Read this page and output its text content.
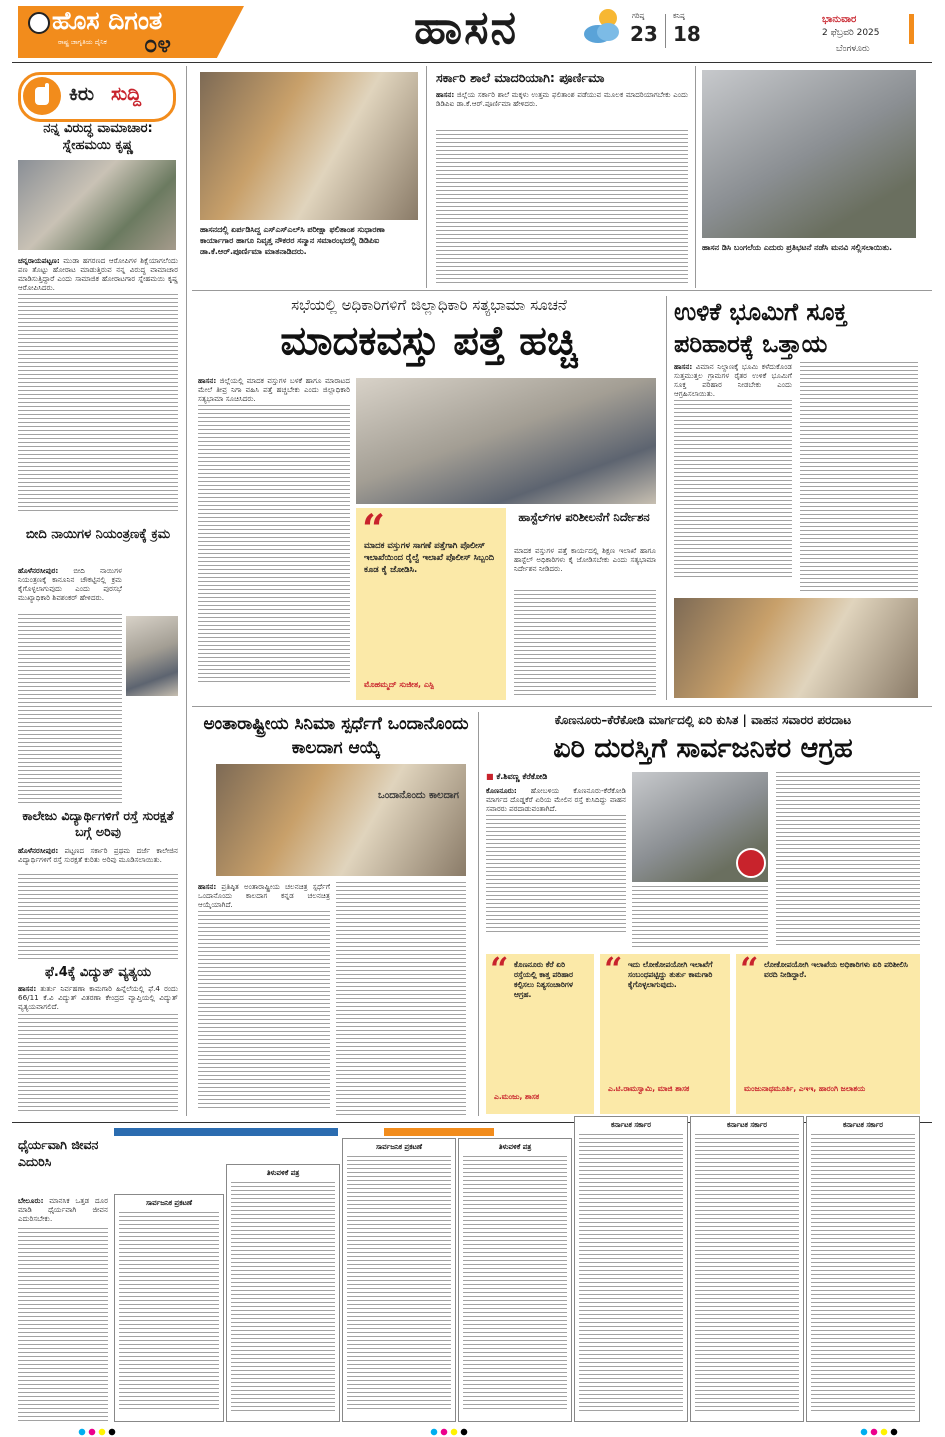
ಹೊಸ ದಿಗಂತ
ರಾಷ್ಟ್ರ ಜಾಗೃತಿಯ ದೈನಿಕ ೦೪	ಹಾಸನ	ಗರಿಷ್ಠ
23
ಕನಿಷ್ಠ
18
ಭಾನುವಾರ
2 ಫೆಬ್ರವರಿ 2025
ಬೆಂಗಳೂರು
ಕಿರು ಸುದ್ದಿ
ನನ್ನ ವಿರುದ್ಧ ವಾಮಾಚಾರ: ಸ್ನೇಹಮಯಿ ಕೃಷ್ಣ
ಚನ್ನರಾಯಪಟ್ಟಣ: ಮುಡಾ ಹಗರಣದ ಆರೋಪಿಗಳ ಶಿಕ್ಷೆಯಾಗಲೆಂದು ಪಣ ತೊಟ್ಟು ಹೋರಾಟ ಮಾಡುತ್ತಿರುವ ನನ್ನ ವಿರುದ್ಧ ವಾಮಾಚಾರ ಮಾಡಿಸುತ್ತಿದ್ದಾರೆ ಎಂದು ಸಾಮಾಜಿಕ ಹೋರಾಟಗಾರ ಸ್ನೇಹಮಯಿ ಕೃಷ್ಣ ಆರೋಪಿಸಿದರು.
ಬೀದಿ ನಾಯಿಗಳ ನಿಯಂತ್ರಣಕ್ಕೆ ಕ್ರಮ
ಹೊಳೆನರಸೀಪುರ: ಬೀದಿ ನಾಯಿಗಳ ನಿಯಂತ್ರಣಕ್ಕೆ ಕಾನೂನಿನ ಚೌಕಟ್ಟಿನಲ್ಲಿ ಕ್ರಮ ಕೈಗೊಳ್ಳಲಾಗುವುದು ಎಂದು ಪುರಸಭೆ ಮುಖ್ಯಾಧಿಕಾರಿ ಶಿವಶಂಕರ್ ಹೇಳಿದರು.
ಕಾಲೇಜು ವಿದ್ಯಾರ್ಥಿಗಳಿಗೆ ರಸ್ತೆ ಸುರಕ್ಷತೆ ಬಗ್ಗೆ ಅರಿವು
ಹೊಳೆನರಸೀಪುರ: ಪಟ್ಟಣದ ಸರ್ಕಾರಿ ಪ್ರಥಮ ದರ್ಜೆ ಕಾಲೇಜಿನ ವಿದ್ಯಾರ್ಥಿಗಳಿಗೆ ರಸ್ತೆ ಸುರಕ್ಷತೆ ಕುರಿತು ಅರಿವು ಮೂಡಿಸಲಾಯಿತು.
ಫೆ.4ಕ್ಕೆ ವಿದ್ಯುತ್ ವ್ಯತ್ಯಯ
ಹಾಸನ: ತುರ್ತು ನಿರ್ವಹಣಾ ಕಾಮಗಾರಿ ಹಿನ್ನೆಲೆಯಲ್ಲಿ ಫೆ.4 ರಂದು 66/11 ಕೆ.ವಿ ವಿದ್ಯುತ್ ವಿತರಣಾ ಕೇಂದ್ರದ ವ್ಯಾಪ್ತಿಯಲ್ಲಿ ವಿದ್ಯುತ್ ವ್ಯತ್ಯಯವಾಗಲಿದೆ.
ಹಾಸನದಲ್ಲಿ ಏರ್ಪಡಿಸಿದ್ದ ಎಸ್‌ಎಸ್‌ಎಲ್‌ಸಿ ಪರೀಕ್ಷಾ ಫಲಿತಾಂಶ ಸುಧಾರಣಾ ಕಾರ್ಯಾಗಾರ ಹಾಗೂ ನಿವೃತ್ತ ನೌಕರರ ಸನ್ಮಾನ ಸಮಾರಂಭದಲ್ಲಿ ಡಿಡಿಪಿಐ ಡಾ.ಕೆ.ಆರ್.ಪೂರ್ಣಿಮಾ ಮಾತನಾಡಿದರು.
ಸರ್ಕಾರಿ ಶಾಲೆ ಮಾದರಿಯಾಗಿ: ಪೂರ್ಣಿಮಾ
ಹಾಸನ: ಜಿಲ್ಲೆಯ ಸರ್ಕಾರಿ ಶಾಲೆ ಮಕ್ಕಳು ಉತ್ತಮ ಫಲಿತಾಂಶ ಪಡೆಯುವ ಮೂಲಕ ಮಾದರಿಯಾಗಬೇಕು ಎಂದು ಡಿಡಿಪಿಐ ಡಾ.ಕೆ.ಆರ್.ಪೂರ್ಣಿಮಾ ಹೇಳಿದರು.
ಹಾಸನ ಡಿಸಿ ಬಂಗಲೆಯ ಎದುರು ಪ್ರತಿಭಟನೆ ನಡೆಸಿ ಮನವಿ ಸಲ್ಲಿಸಲಾಯಿತು.
ಸಭೆಯಲ್ಲಿ ಅಧಿಕಾರಿಗಳಿಗೆ ಜಿಲ್ಲಾಧಿಕಾರಿ ಸತ್ಯಭಾಮಾ ಸೂಚನೆ
ಮಾದಕವಸ್ತು ಪತ್ತೆ ಹಚ್ಚಿ
ಹಾಸನ: ಜಿಲ್ಲೆಯಲ್ಲಿ ಮಾದಕ ವಸ್ತುಗಳ ಬಳಕೆ ಹಾಗೂ ಮಾರಾಟದ ಮೇಲೆ ತೀವ್ರ ನಿಗಾ ವಹಿಸಿ ಪತ್ತೆ ಹಚ್ಚಬೇಕು ಎಂದು ಜಿಲ್ಲಾಧಿಕಾರಿ ಸತ್ಯಭಾಮಾ ಸೂಚಿಸಿದರು.
“
ಮಾದಕ ವಸ್ತುಗಳ ಸಾಗಣೆ ಪತ್ತೆಗಾಗಿ ಪೊಲೀಸ್ ಇಲಾಖೆಯಿಂದ ರೈಲ್ವೆ ಇಲಾಖೆ ಪೊಲೀಸ್ ಸಿಬ್ಬಂದಿ ಕೂಡ ಕೈ ಜೋಡಿಸಿ.
ಮೊಹಮ್ಮದ್ ಸುಜೀತ, ಎಸ್ಪಿ
ಹಾಸ್ಟೆಲ್‌ಗಳ ಪರಿಶೀಲನೆಗೆ ನಿರ್ದೇಶನ
ಮಾದಕ ವಸ್ತುಗಳ ಪತ್ತೆ ಕಾರ್ಯದಲ್ಲಿ ಶಿಕ್ಷಣ ಇಲಾಖೆ ಹಾಗೂ ಹಾಸ್ಟೆಲ್ ಅಧಿಕಾರಿಗಳು ಕೈ ಜೋಡಿಸಬೇಕು ಎಂದು ಸತ್ಯಭಾಮಾ ನಿರ್ದೇಶನ ನೀಡಿದರು.
ಉಳಿಕೆ ಭೂಮಿಗೆ ಸೂಕ್ತ ಪರಿಹಾರಕ್ಕೆ ಒತ್ತಾಯ
ಹಾಸನ: ವಿಮಾನ ನಿಲ್ದಾಣಕ್ಕೆ ಭೂಮಿ ಕಳೆದುಕೊಂಡ ಸುತ್ತಮುತ್ತಲ ಗ್ರಾಮಗಳ ರೈತರ ಉಳಿಕೆ ಭೂಮಿಗೆ ಸೂಕ್ತ ಪರಿಹಾರ ನೀಡಬೇಕು ಎಂದು ಆಗ್ರಹಿಸಲಾಯಿತು.
ಅಂತಾರಾಷ್ಟ್ರೀಯ ಸಿನಿಮಾ ಸ್ಪರ್ಧೆಗೆ ಒಂದಾನೊಂದು ಕಾಲದಾಗ ಆಯ್ಕೆ
ಒಂದಾನೊಂದು ಕಾಲದಾಗ
ಹಾಸನ: ಪ್ರತಿಷ್ಠಿತ ಅಂತಾರಾಷ್ಟ್ರೀಯ ಚಲನಚಿತ್ರ ಸ್ಪರ್ಧೆಗೆ ಒಂದಾನೊಂದು ಕಾಲದಾಗ ಕನ್ನಡ ಚಲನಚಿತ್ರ ಆಯ್ಕೆಯಾಗಿದೆ.
ಕೊಣನೂರು–ಕೆರೆಕೋಡಿ ಮಾರ್ಗದಲ್ಲಿ ಏರಿ ಕುಸಿತ | ವಾಹನ ಸವಾರರ ಪರದಾಟ
ಏರಿ ದುರಸ್ತಿಗೆ ಸಾರ್ವಜನಿಕರ ಆಗ್ರಹ
■ ಕೆ.ಶಿವಣ್ಣ ಕೆರೆಕೋಡಿ
ಕೊಣನೂರು: ಹೋಬಳಿಯ ಕೊಣನೂರು-ಕೆರೆಕೋಡಿ ಮಾರ್ಗದ ದೊಡ್ಡಕೆರೆ ಏರಿಯ ಮೇಲಿನ ರಸ್ತೆ ಕುಸಿದಿದ್ದು ವಾಹನ ಸವಾರರು ಪರದಾಡುವಂತಾಗಿದೆ.
“ ಕೊಣನೂರು ಕೆರೆ ಏರಿ ರಸ್ತೆಯಲ್ಲಿ ಕಾತ್ತ ಪರಿಹಾರ ಕಲ್ಪಿಸಲು ನಿತ್ಯಸಂಚಾರಿಗಳ ಆಗ್ರಹ.
ಎ.ಮಂಜು, ಶಾಸಕ
“ ಇದು ಲೋಕೋಪಯೋಗಿ ಇಲಾಖೆಗೆ ಸಂಬಂಧಪಟ್ಟಿದ್ದು ತುರ್ತು ಕಾಮಗಾರಿ ಕೈಗೊಳ್ಳಲಾಗುವುದು.
ಎ.ಟಿ.ರಾಮಸ್ವಾಮಿ, ಮಾಜಿ ಶಾಸಕ
“ ಲೋಕೋಪಯೋಗಿ ಇಲಾಖೆಯ ಅಧಿಕಾರಿಗಳು ಏರಿ ಪರಿಶೀಲಿಸಿ ವರದಿ ನೀಡಿದ್ದಾರೆ.
ಮಂಜುನಾಥಮೂರ್ತಿ, ಎಇಇ, ಹಾರಂಗಿ ಜಲಾಶಯ
ಧೈರ್ಯವಾಗಿ ಜೀವನ ಎದುರಿಸಿ
ಬೇಲೂರು: ಮಾನಸಿಕ ಒತ್ತಡ ದೂರ ಮಾಡಿ ಧೈರ್ಯವಾಗಿ ಜೀವನ ಎದುರಿಸಬೇಕು.
ಸಾರ್ವಜನಿಕ ಪ್ರಕಟಣೆ
ತಿಳುವಳಿಕೆ ಪತ್ರ
ಸಾರ್ವಜನಿಕ ಪ್ರಕಟಣೆ	ತಿಳುವಳಿಕೆ ಪತ್ರ
ಕರ್ನಾಟಕ ಸರ್ಕಾರ	ಕರ್ನಾಟಕ ಸರ್ಕಾರ	ಕರ್ನಾಟಕ ಸರ್ಕಾರ
